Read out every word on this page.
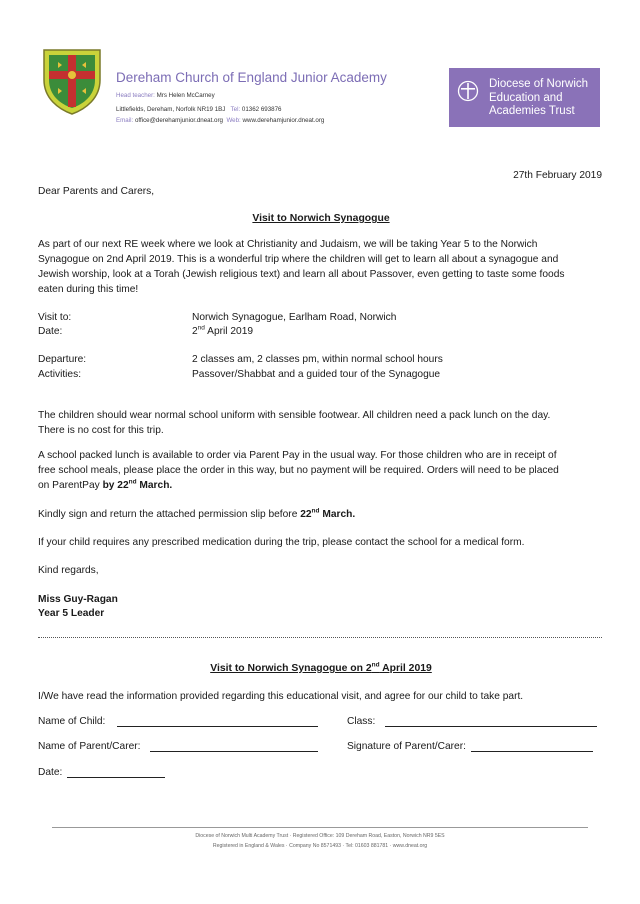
Dereham Church of England Junior Academy
Head teacher: Mrs Helen McCarney
Littlefields, Dereham, Norfolk NR19 1BJ Tel: 01362 693876
Email: office@derehamjunior.dneat.org Web: www.derehamjunior.dneat.org
Diocese of Norwich
Education and
Academies Trust
27th February 2019
Dear Parents and Carers,
Visit to Norwich Synagogue
As part of our next RE week where we look at Christianity and Judaism, we will be taking Year 5 to the Norwich
Synagogue on 2nd April 2019. This is a wonderful trip where the children will get to learn all about a synagogue and
Jewish worship, look at a Torah (Jewish religious text) and learn all about Passover, even getting to taste some foods
eaten during this time!
Visit to:	Norwich Synagogue, Earlham Road, Norwich
Date:	2nd April 2019
Departure:	2 classes am, 2 classes pm, within normal school hours
Activities:	Passover/Shabbat and a guided tour of the Synagogue
The children should wear normal school uniform with sensible footwear. All children need a pack lunch on the day.
There is no cost for this trip.
A school packed lunch is available to order via Parent Pay in the usual way. For those children who are in receipt of
free school meals, please place the order in this way, but no payment will be required. Orders will need to be placed
on ParentPay by 22nd March.
Kindly sign and return the attached permission slip before 22nd March.
If your child requires any prescribed medication during the trip, please contact the school for a medical form.
Kind regards,
Miss Guy-Ragan
Year 5 Leader
Visit to Norwich Synagogue on 2nd April 2019
I/We have read the information provided regarding this educational visit, and agree for our child to take part.
Name of Child:	Class:
Name of Parent/Carer:	Signature of Parent/Carer:
Date:
Diocese of Norwich Multi Academy Trust · Registered Office: 109 Dereham Road, Easton, Norwich NR9 5ES
Registered in England & Wales · Company No 8571493 · Tel: 01603 881781 · www.dneat.org
